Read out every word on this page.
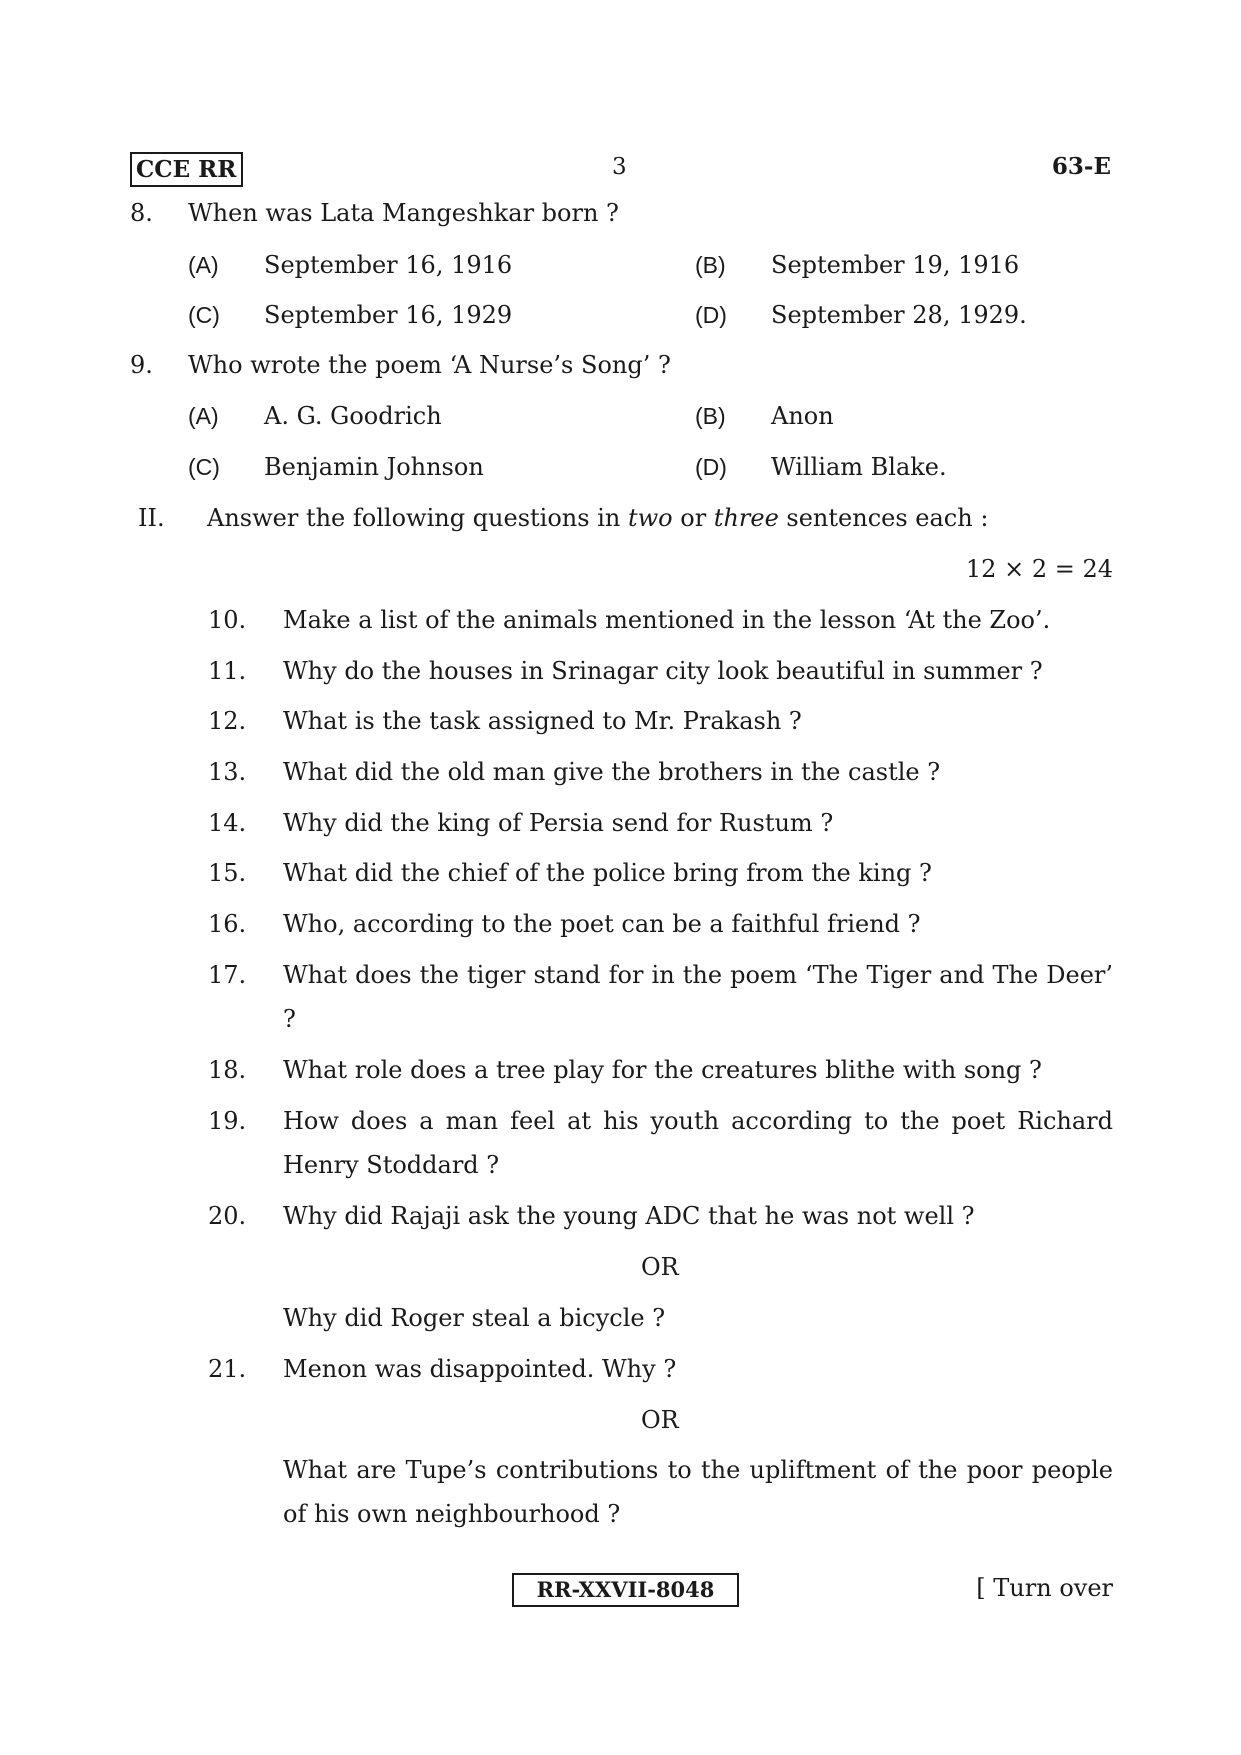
CCE RR	3	63-E
8. When was Lata Mangeshkar born ?
(A) September 16, 1916	(B) September 19, 1916
(C) September 16, 1929	(D) September 28, 1929.
9. Who wrote the poem ‘A Nurse’s Song’ ?
(A) A. G. Goodrich	(B) Anon
(C) Benjamin Johnson	(D) William Blake.
II. Answer the following questions in two or three sentences each :
12 × 2 = 24
10. Make a list of the animals mentioned in the lesson ‘At the Zoo’.
11. Why do the houses in Srinagar city look beautiful in summer ?
12. What is the task assigned to Mr. Prakash ?
13. What did the old man give the brothers in the castle ?
14. Why did the king of Persia send for Rustum ?
15. What did the chief of the police bring from the king ?
16. Who, according to the poet can be a faithful friend ?
17. What does the tiger stand for in the poem ‘The Tiger and The Deer’ ?
18. What role does a tree play for the creatures blithe with song ?
19. How does a man feel at his youth according to the poet Richard Henry Stoddard ?
20. Why did Rajaji ask the young ADC that he was not well ?
OR
Why did Roger steal a bicycle ?
21. Menon was disappointed. Why ?
OR
What are Tupe’s contributions to the upliftment of the poor people of his own neighbourhood ?
RR-XXVII-8048	[ Turn over
